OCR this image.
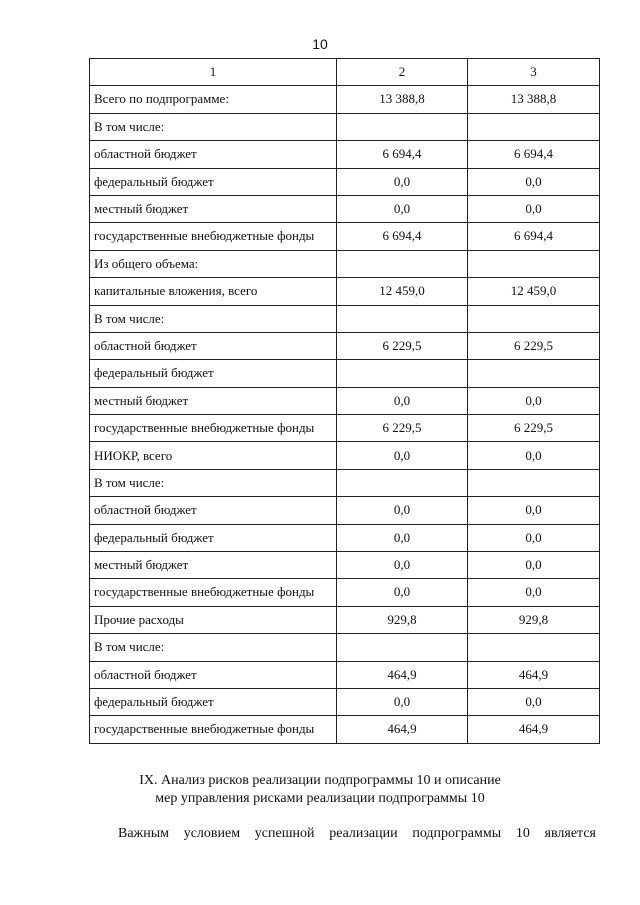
10
1	2	3
Всего по подпрограмме:	13 388,8	13 388,8
В том числе:		
областной бюджет	6 694,4	6 694,4
федеральный бюджет	0,0	0,0
местный бюджет	0,0	0,0
государственные внебюджетные фонды	6 694,4	6 694,4
Из общего объема:		
капитальные вложения, всего	12 459,0	12 459,0
В том числе:		
областной бюджет	6 229,5	6 229,5
федеральный бюджет		
местный бюджет	0,0	0,0
государственные внебюджетные фонды	6 229,5	6 229,5
НИОКР, всего	0,0	0,0
В том числе:		
областной бюджет	0,0	0,0
федеральный бюджет	0,0	0,0
местный бюджет	0,0	0,0
государственные внебюджетные фонды	0,0	0,0
Прочие расходы	929,8	929,8
В том числе:		
областной бюджет	464,9	464,9
федеральный бюджет	0,0	0,0
государственные внебюджетные фонды	464,9	464,9
IX. Анализ рисков реализации подпрограммы 10 и описание
мер управления рисками реализации подпрограммы 10
Важным условием успешной реализации подпрограммы 10 является
